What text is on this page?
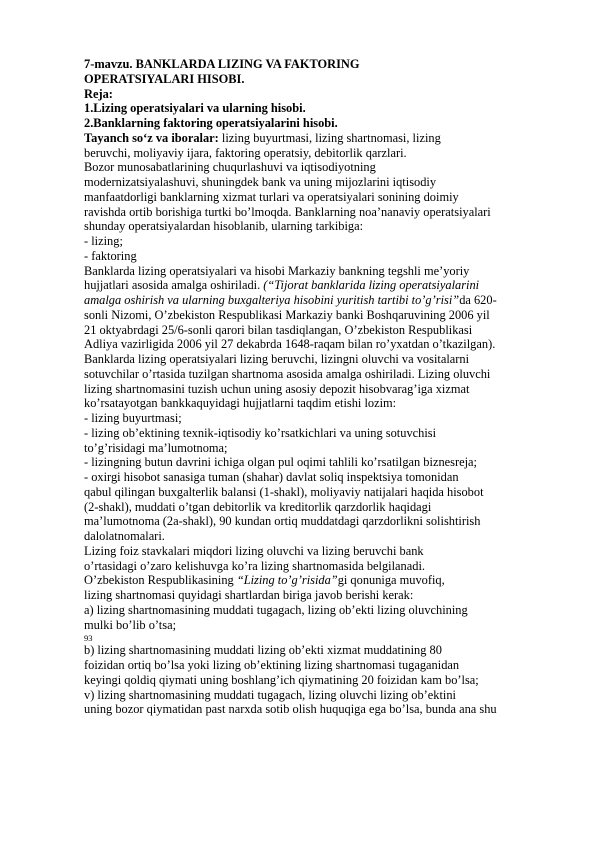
7-mavzu. BANKLARDA LIZING VA FAKTORING
OPERATSIYALARI HISOBI.
Reja:
1.Lizing operatsiyalari va ularning hisobi.
2.Banklarning faktoring operatsiyalarini hisobi.
Tayanch so‘z va iboralar: lizing buyurtmasi, lizing shartnomasi, lizing
beruvchi, moliyaviy ijara, faktoring operatsiy, debitorlik qarzlari.
Bozor munosabatlarining chuqurlashuvi va iqtisodiyotning
modernizatsiyalashuvi, shuningdek bank va uning mijozlarini iqtisodiy
manfaatdorligi banklarning xizmat turlari va operatsiyalari sonining doimiy
ravishda ortib borishiga turtki bo’lmoqda. Banklarning noa’nanaviy operatsiyalari
shunday operatsiyalardan hisoblanib, ularning tarkibiga:
- lizing;
- faktoring
Banklarda lizing operatsiyalari va hisobi Markaziy bankning tegshli me’yoriy
hujjatlari asosida amalga oshiriladi. (“Tijorat banklarida lizing operatsiyalarini
amalga oshirish va ularning buxgalteriya hisobini yuritish tartibi to’g’risi”da 620-
sonli Nizomi, O’zbekiston Respublikasi Markaziy banki Boshqaruvining 2006 yil
21 oktyabrdagi 25/6-sonli qarori bilan tasdiqlangan, O’zbekiston Respublikasi
Adliya vazirligida 2006 yil 27 dekabrda 1648-raqam bilan ro’yxatdan o’tkazilgan).
Banklarda lizing operatsiyalari lizing beruvchi, lizingni oluvchi va vositalarni
sotuvchilar o’rtasida tuzilgan shartnoma asosida amalga oshiriladi. Lizing oluvchi
lizing shartnomasini tuzish uchun uning asosiy depozit hisobvarag’iga xizmat
ko’rsatayotgan bankkaquyidagi hujjatlarni taqdim etishi lozim:
- lizing buyurtmasi;
- lizing ob’ektining texnik-iqtisodiy ko’rsatkichlari va uning sotuvchisi
to’g’risidagi ma’lumotnoma;
- lizingning butun davrini ichiga olgan pul oqimi tahlili ko’rsatilgan biznesreja;
- oxirgi hisobot sanasiga tuman (shahar) davlat soliq inspektsiya tomonidan
qabul qilingan buxgalterlik balansi (1-shakl), moliyaviy natijalari haqida hisobot
(2-shakl), muddati o’tgan debitorlik va kreditorlik qarzdorlik haqidagi
ma’lumotnoma (2a-shakl), 90 kundan ortiq muddatdagi qarzdorlikni solishtirish
dalolatnomalari.
Lizing foiz stavkalari miqdori lizing oluvchi va lizing beruvchi bank
o’rtasidagi o’zaro kelishuvga ko’ra lizing shartnomasida belgilanadi.
O’zbekiston Respublikasining “Lizing to’g’risida”gi qonuniga muvofiq,
lizing shartnomasi quyidagi shartlardan biriga javob berishi kerak:
a) lizing shartnomasining muddati tugagach, lizing ob’ekti lizing oluvchining
mulki bo’lib o’tsa;
93
b) lizing shartnomasining muddati lizing ob’ekti xizmat muddatining 80
foizidan ortiq bo’lsa yoki lizing ob’ektining lizing shartnomasi tugaganidan
keyingi qoldiq qiymati uning boshlang’ich qiymatining 20 foizidan kam bo’lsa;
v) lizing shartnomasining muddati tugagach, lizing oluvchi lizing ob’ektini
uning bozor qiymatidan past narxda sotib olish huquqiga ega bo’lsa, bunda ana shu
